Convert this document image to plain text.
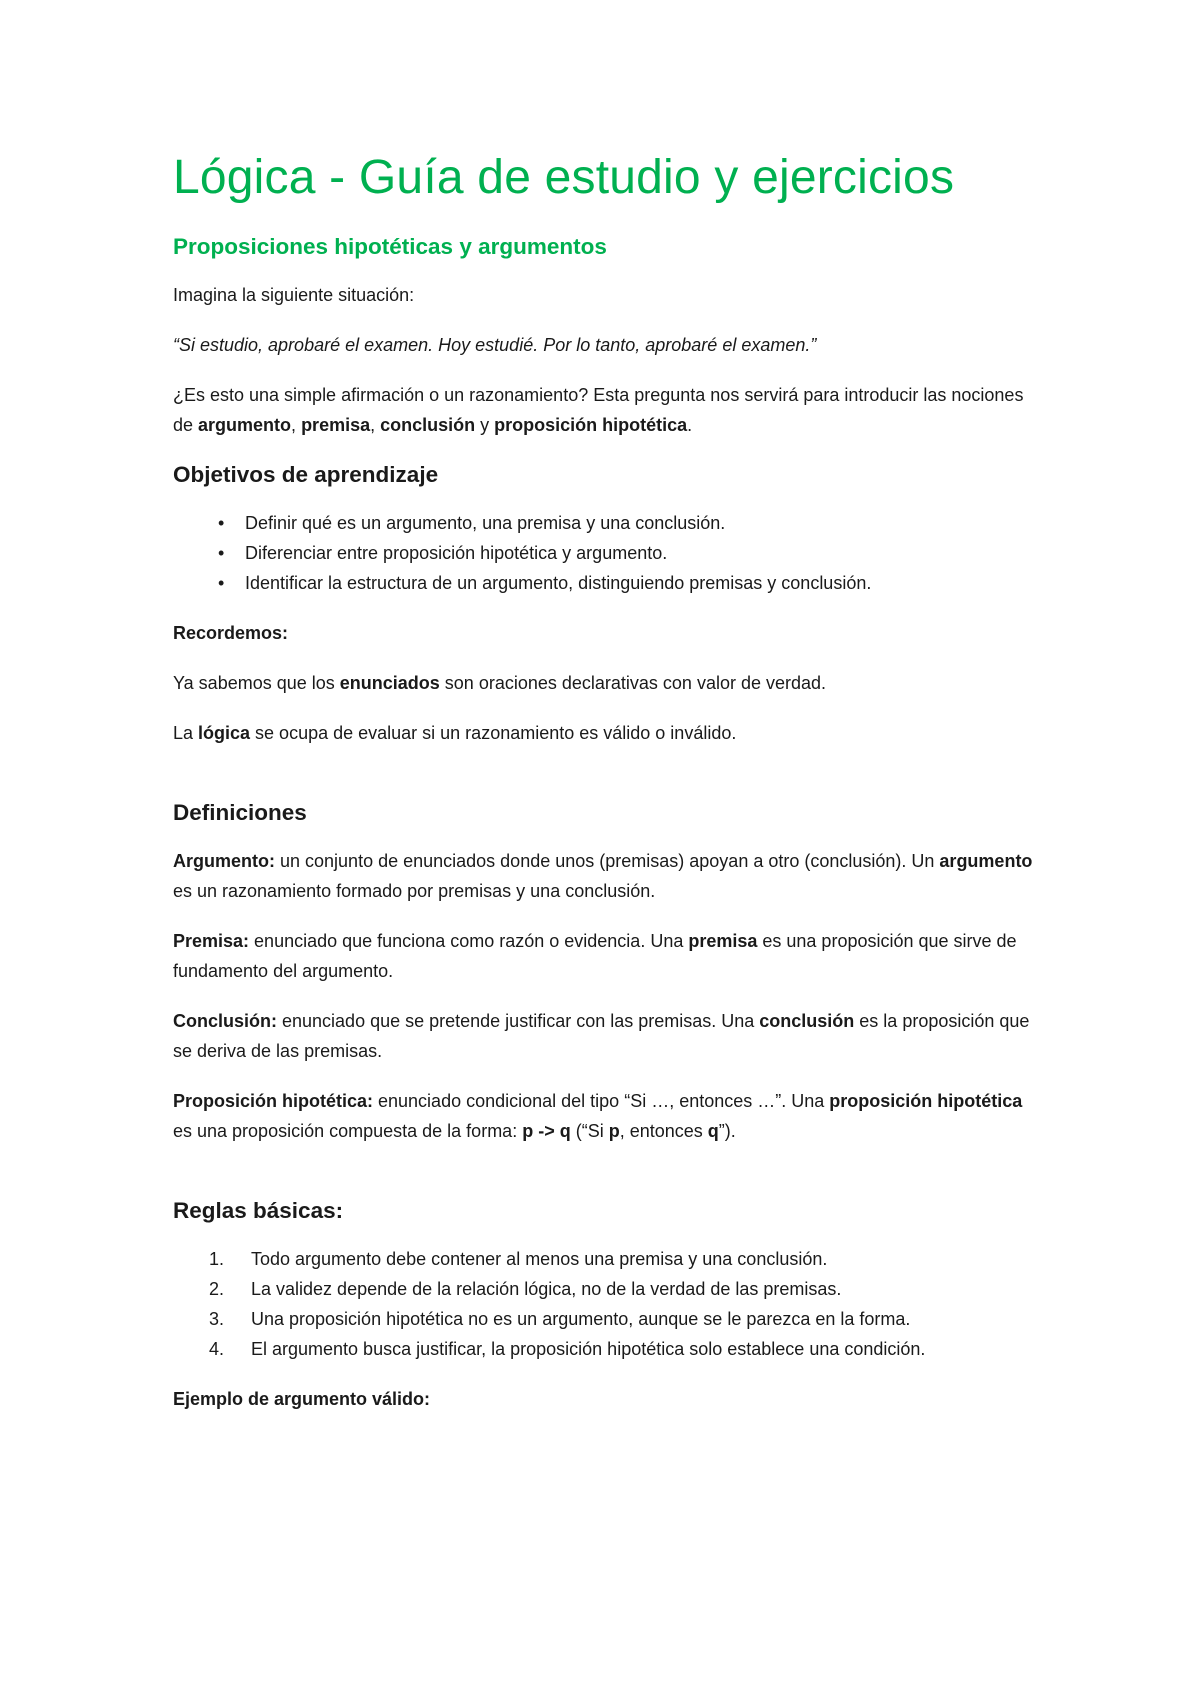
Lógica - Guía de estudio y ejercicios
Proposiciones hipotéticas y argumentos

Imagina la siguiente situación:

“Si estudio, aprobaré el examen. Hoy estudié. Por lo tanto, aprobaré el examen.”

¿Es esto una simple afirmación o un razonamiento? Esta pregunta nos servirá para introducir las nociones de argumento, premisa, conclusión y proposición hipotética.

Objetivos de aprendizaje
• Definir qué es un argumento, una premisa y una conclusión.
• Diferenciar entre proposición hipotética y argumento.
• Identificar la estructura de un argumento, distinguiendo premisas y conclusión.

Recordemos:

Ya sabemos que los enunciados son oraciones declarativas con valor de verdad.

La lógica se ocupa de evaluar si un razonamiento es válido o inválido.

Definiciones

Argumento: un conjunto de enunciados donde unos (premisas) apoyan a otro (conclusión). Un argumento es un razonamiento formado por premisas y una conclusión.

Premisa: enunciado que funciona como razón o evidencia. Una premisa es una proposición que sirve de fundamento del argumento.

Conclusión: enunciado que se pretende justificar con las premisas. Una conclusión es la proposición que se deriva de las premisas.

Proposición hipotética: enunciado condicional del tipo “Si …, entonces …”. Una proposición hipotética es una proposición compuesta de la forma: p -> q (“Si p, entonces q”).

Reglas básicas:
1. Todo argumento debe contener al menos una premisa y una conclusión.
2. La validez depende de la relación lógica, no de la verdad de las premisas.
3. Una proposición hipotética no es un argumento, aunque se le parezca en la forma.
4. El argumento busca justificar, la proposición hipotética solo establece una condición.

Ejemplo de argumento válido:
